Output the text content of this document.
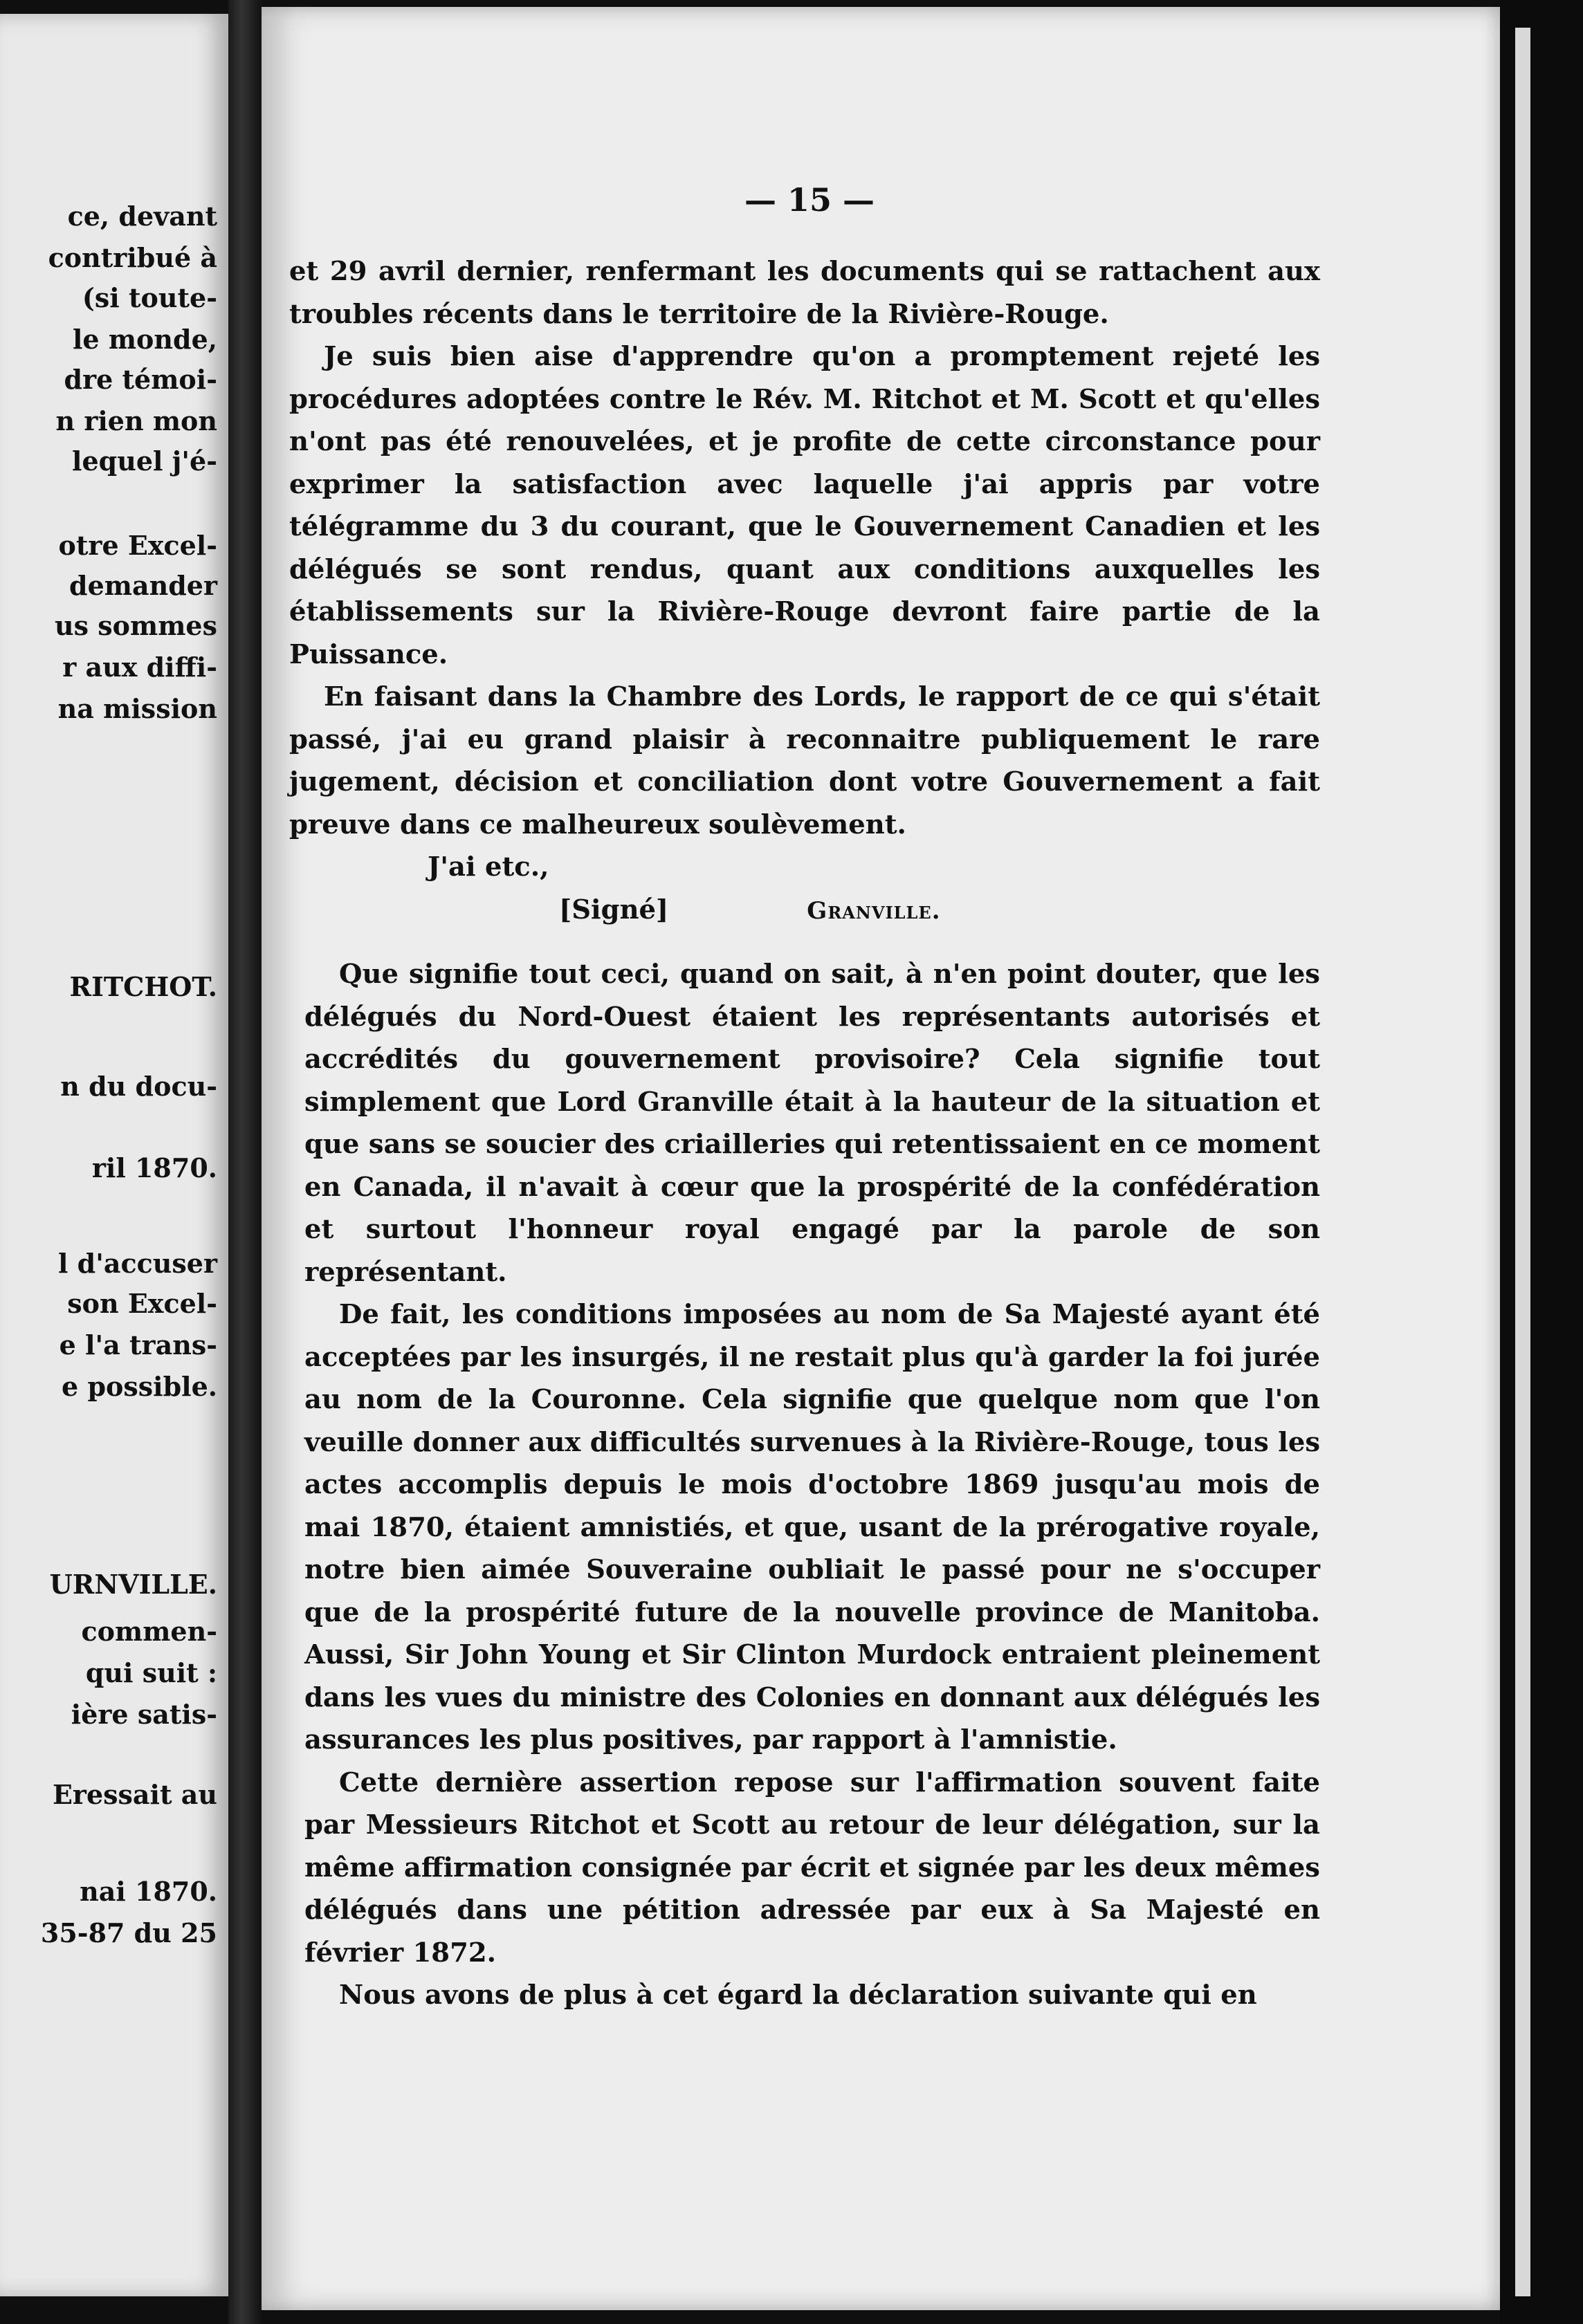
ce, devant
contribué à
(si toute-
le monde,
dre témoi-
n rien mon
lequel j'é-
otre Excel-
demander
us sommes
r aux diffi-
na mission
RITCHOT.
n du docu-
ril 1870.
l d'accuser
son Excel-
e l'a trans-
e possible.
URNVILLE.
commen-
qui suit :
ière satis-
Eressait au
nai 1870.
35-87 du 25
— 15 —

et 29 avril dernier, renfermant les documents qui se rattachent aux troubles récents dans le territoire de la Rivière-Rouge.

Je suis bien aise d'apprendre qu'on a promptement rejeté les procédures adoptées contre le Rév. M. Ritchot et M. Scott et qu'elles n'ont pas été renouvelées, et je profite de cette circonstance pour exprimer la satisfaction avec laquelle j'ai appris par votre télégramme du 3 du courant, que le Gouvernement Canadien et les délégués se sont rendus, quant aux conditions auxquelles les établissements sur la Rivière-Rouge devront faire partie de la Puissance.

En faisant dans la Chambre des Lords, le rapport de ce qui s'était passé, j'ai eu grand plaisir à reconnaitre publiquement le rare jugement, décision et conciliation dont votre Gouvernement a fait preuve dans ce malheureux soulèvement.

J'ai etc.,
[Signé]	Granville.

Que signifie tout ceci, quand on sait, à n'en point douter, que les délégués du Nord-Ouest étaient les représentants autorisés et accrédités du gouvernement provisoire? Cela signifie tout simplement que Lord Granville était à la hauteur de la situation et que sans se soucier des criailleries qui retentissaient en ce moment en Canada, il n'avait à cœur que la prospérité de la confédération et surtout l'honneur royal engagé par la parole de son représentant.

De fait, les conditions imposées au nom de Sa Majesté ayant été acceptées par les insurgés, il ne restait plus qu'à garder la foi jurée au nom de la Couronne. Cela signifie que quelque nom que l'on veuille donner aux difficultés survenues à la Rivière-Rouge, tous les actes accomplis depuis le mois d'octobre 1869 jusqu'au mois de mai 1870, étaient amnistiés, et que, usant de la prérogative royale, notre bien aimée Souveraine oubliait le passé pour ne s'occuper que de la prospérité future de la nouvelle province de Manitoba. Aussi, Sir John Young et Sir Clinton Murdock entraient pleinement dans les vues du ministre des Colonies en donnant aux délégués les assurances les plus positives, par rapport à l'amnistie.

Cette dernière assertion repose sur l'affirmation souvent faite par Messieurs Ritchot et Scott au retour de leur délégation, sur la même affirmation consignée par écrit et signée par les deux mêmes délégués dans une pétition adressée par eux à Sa Majesté en février 1872.

Nous avons de plus à cet égard la déclaration suivante qui en
